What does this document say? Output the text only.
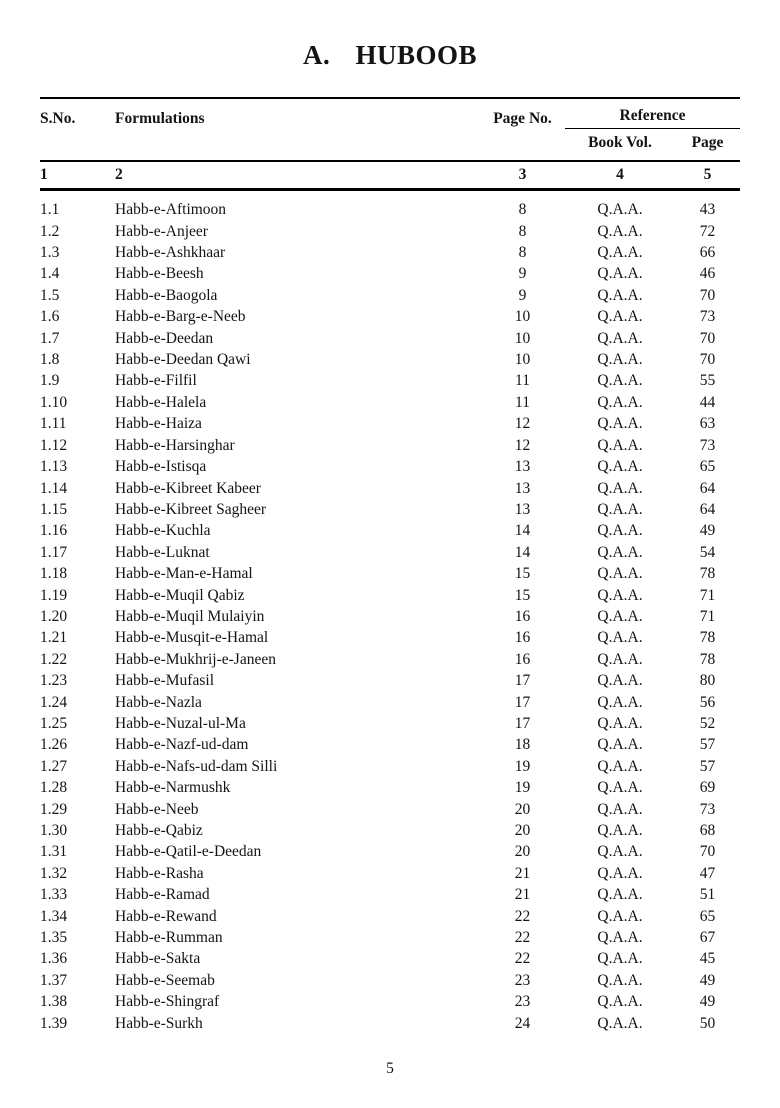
A. HUBOOB
S.No.	Formulations	Page No.	Reference
Book Vol.	Page
1	2	3	4	5
1.1	Habb-e-Aftimoon	8	Q.A.A.	43
1.2	Habb-e-Anjeer	8	Q.A.A.	72
1.3	Habb-e-Ashkhaar	8	Q.A.A.	66
1.4	Habb-e-Beesh	9	Q.A.A.	46
1.5	Habb-e-Baogola	9	Q.A.A.	70
1.6	Habb-e-Barg-e-Neeb	10	Q.A.A.	73
1.7	Habb-e-Deedan	10	Q.A.A.	70
1.8	Habb-e-Deedan Qawi	10	Q.A.A.	70
1.9	Habb-e-Filfil	11	Q.A.A.	55
1.10	Habb-e-Halela	11	Q.A.A.	44
1.11	Habb-e-Haiza	12	Q.A.A.	63
1.12	Habb-e-Harsinghar	12	Q.A.A.	73
1.13	Habb-e-Istisqa	13	Q.A.A.	65
1.14	Habb-e-Kibreet Kabeer	13	Q.A.A.	64
1.15	Habb-e-Kibreet Sagheer	13	Q.A.A.	64
1.16	Habb-e-Kuchla	14	Q.A.A.	49
1.17	Habb-e-Luknat	14	Q.A.A.	54
1.18	Habb-e-Man-e-Hamal	15	Q.A.A.	78
1.19	Habb-e-Muqil Qabiz	15	Q.A.A.	71
1.20	Habb-e-Muqil Mulaiyin	16	Q.A.A.	71
1.21	Habb-e-Musqit-e-Hamal	16	Q.A.A.	78
1.22	Habb-e-Mukhrij-e-Janeen	16	Q.A.A.	78
1.23	Habb-e-Mufasil	17	Q.A.A.	80
1.24	Habb-e-Nazla	17	Q.A.A.	56
1.25	Habb-e-Nuzal-ul-Ma	17	Q.A.A.	52
1.26	Habb-e-Nazf-ud-dam	18	Q.A.A.	57
1.27	Habb-e-Nafs-ud-dam Silli	19	Q.A.A.	57
1.28	Habb-e-Narmushk	19	Q.A.A.	69
1.29	Habb-e-Neeb	20	Q.A.A.	73
1.30	Habb-e-Qabiz	20	Q.A.A.	68
1.31	Habb-e-Qatil-e-Deedan	20	Q.A.A.	70
1.32	Habb-e-Rasha	21	Q.A.A.	47
1.33	Habb-e-Ramad	21	Q.A.A.	51
1.34	Habb-e-Rewand	22	Q.A.A.	65
1.35	Habb-e-Rumman	22	Q.A.A.	67
1.36	Habb-e-Sakta	22	Q.A.A.	45
1.37	Habb-e-Seemab	23	Q.A.A.	49
1.38	Habb-e-Shingraf	23	Q.A.A.	49
1.39	Habb-e-Surkh	24	Q.A.A.	50
5
